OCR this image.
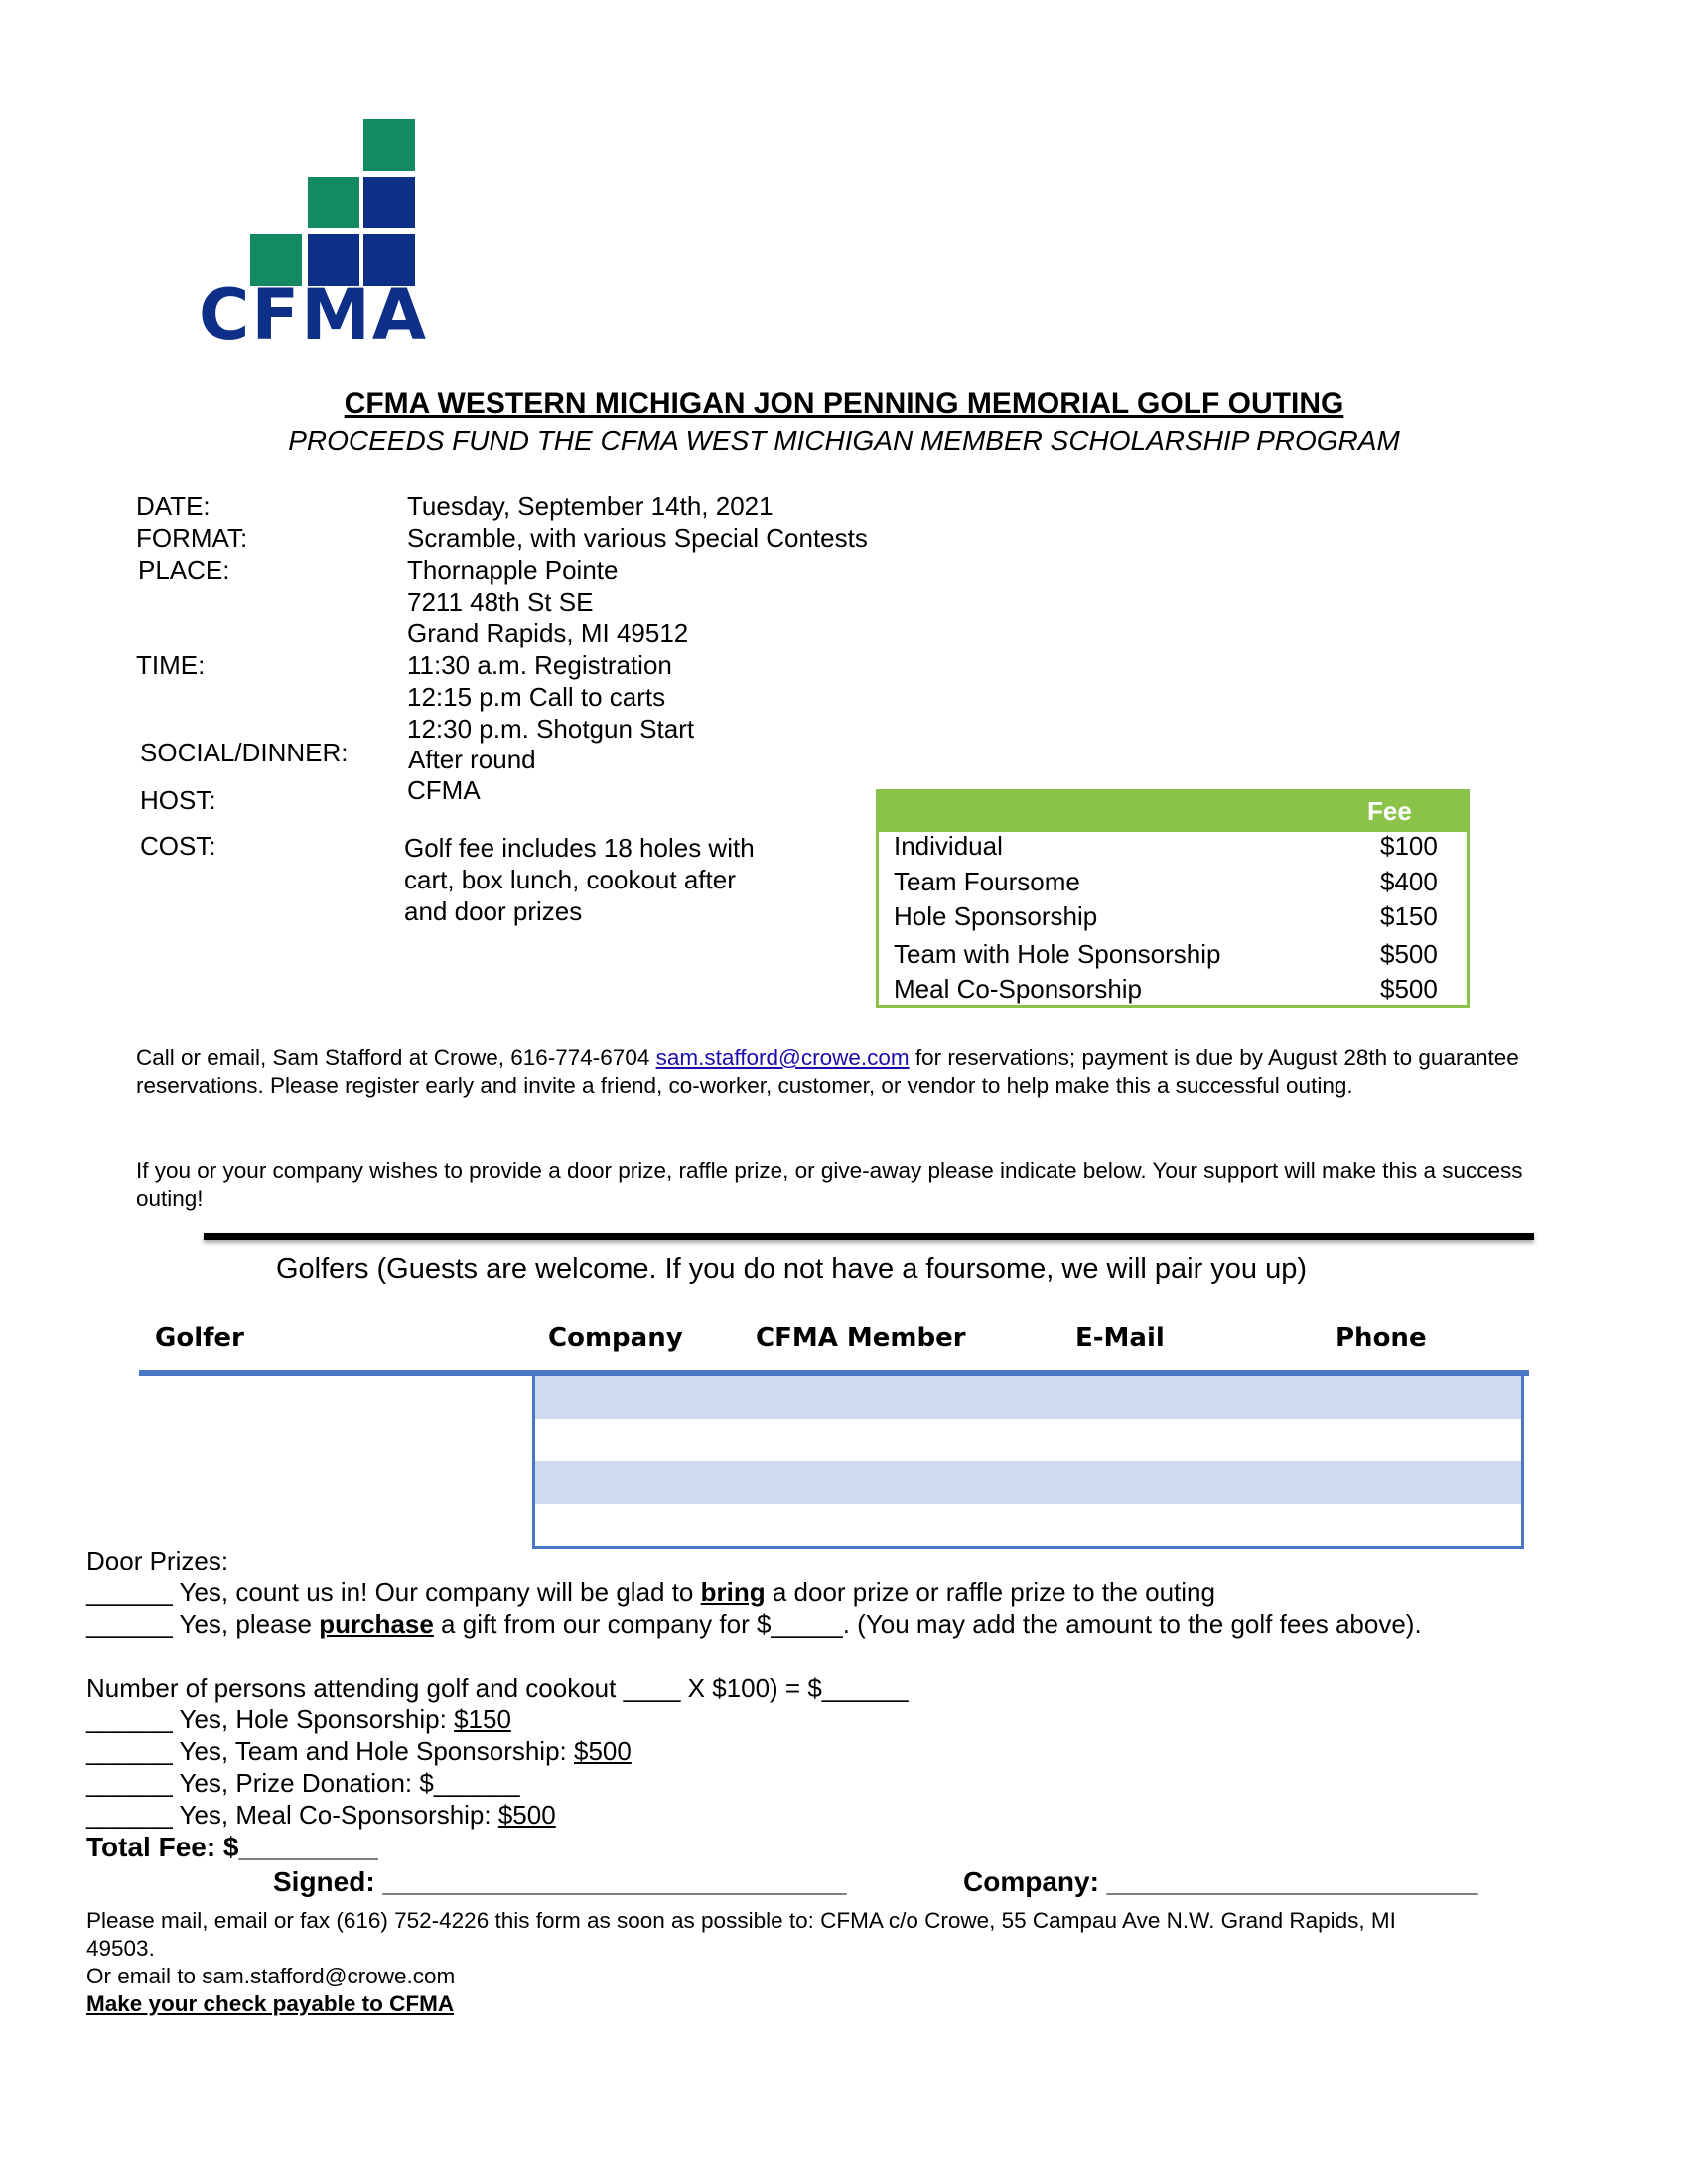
CFMA
CFMA WESTERN MICHIGAN JON PENNING MEMORIAL GOLF OUTING
PROCEEDS FUND THE CFMA WEST MICHIGAN MEMBER SCHOLARSHIP PROGRAM
DATE:	Tuesday, September 14th, 2021
FORMAT:	Scramble, with various Special Contests
PLACE:	Thornapple Pointe
7211 48th St SE
Grand Rapids, MI 49512
TIME:	11:30 a.m. Registration
12:15 p.m Call to carts
12:30 p.m. Shotgun Start
SOCIAL/DINNER: After round
HOST:	CFMA
COST:	Golf fee includes 18 holes with
cart, box lunch, cookout after
and door prizes
Fee
Individual	$100
Team Foursome	$400
Hole Sponsorship	$150
Team with Hole Sponsorship	$500
Meal Co-Sponsorship	$500
Call or email, Sam Stafford at Crowe, 616-774-6704 sam.stafford@crowe.com for reservations; payment is due by August 28th to guarantee reservations. Please register early and invite a friend, co-worker, customer, or vendor to help make this a successful outing.
If you or your company wishes to provide a door prize, raffle prize, or give-away please indicate below. Your support will make this a success outing!
Golfers (Guests are welcome. If you do not have a foursome, we will pair you up)
Golfer	Company	CFMA Member	E-Mail	Phone
Door Prizes:
______ Yes, count us in! Our company will be glad to bring a door prize or raffle prize to the outing
______ Yes, please purchase a gift from our company for $_____. (You may add the amount to the golf fees above).
Number of persons attending golf and cookout ____ X $100) = $______
______ Yes, Hole Sponsorship: $150
______ Yes, Team and Hole Sponsorship: $500
______ Yes, Prize Donation: $______
______ Yes, Meal Co-Sponsorship: $500
Total Fee: $_________
Signed: ______________________________	Company: ________________________
Please mail, email or fax (616) 752-4226 this form as soon as possible to: CFMA c/o Crowe, 55 Campau Ave N.W. Grand Rapids, MI 49503.
Or email to sam.stafford@crowe.com
Make your check payable to CFMA
